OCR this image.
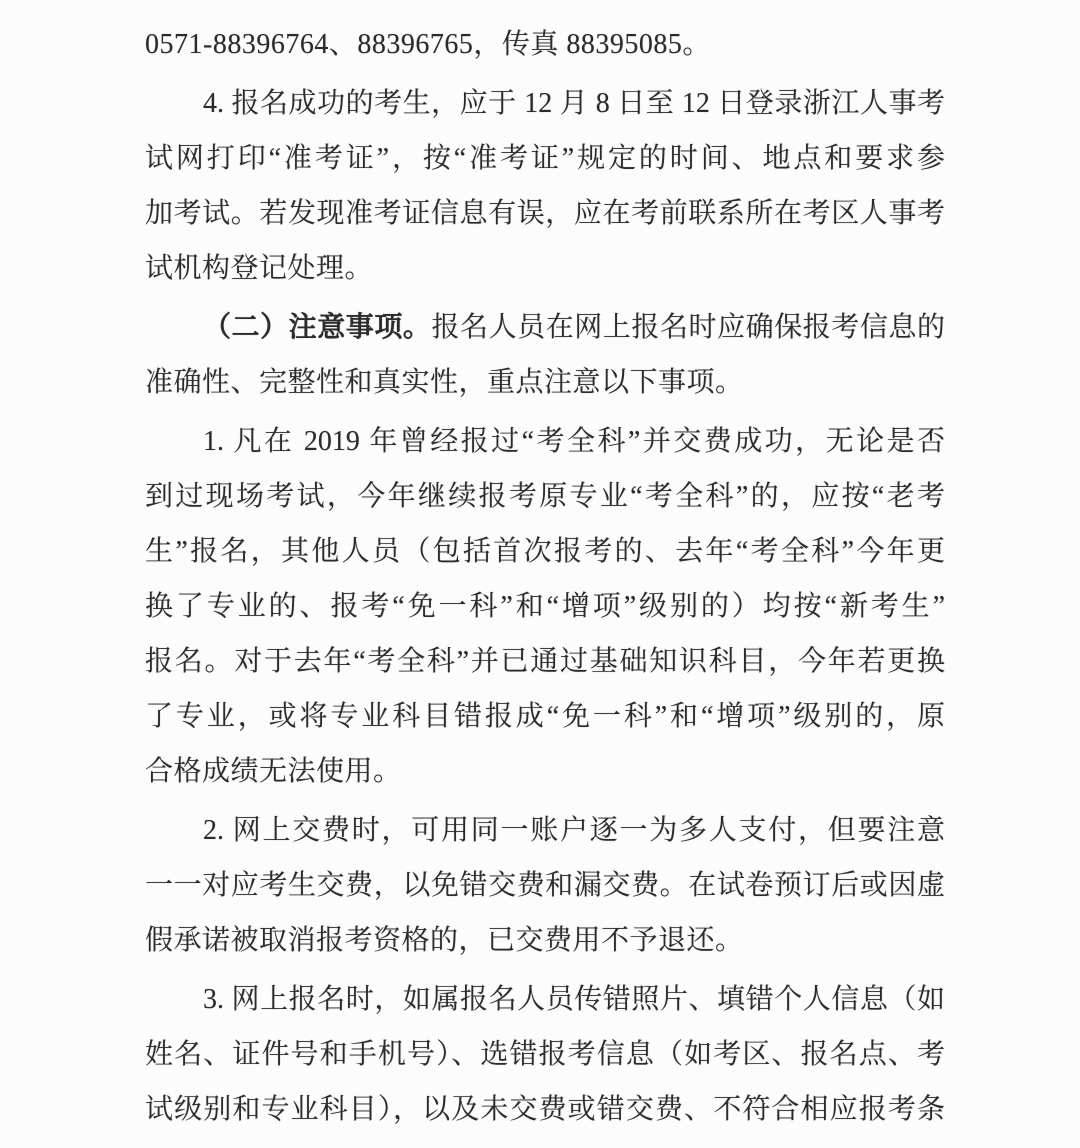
0571-88396764、88396765，传真 88395085。
4. 报名成功的考生，应于 12 月 8 日至 12 日登录浙江人事考
试网打印“准考证”，按“准考证”规定的时间、地点和要求参
加考试。若发现准考证信息有误，应在考前联系所在考区人事考
试机构登记处理。
（二）注意事项。报名人员在网上报名时应确保报考信息的
准确性、完整性和真实性，重点注意以下事项。
1. 凡在 2019 年曾经报过“考全科”并交费成功，无论是否
到过现场考试，今年继续报考原专业“考全科”的，应按“老考
生”报名，其他人员（包括首次报考的、去年“考全科”今年更
换了专业的、报考“免一科”和“增项”级别的）均按“新考生”
报名。对于去年“考全科”并已通过基础知识科目，今年若更换
了专业，或将专业科目错报成“免一科”和“增项”级别的，原
合格成绩无法使用。
2. 网上交费时，可用同一账户逐一为多人支付，但要注意
一一对应考生交费，以免错交费和漏交费。在试卷预订后或因虚
假承诺被取消报考资格的，已交费用不予退还。
3. 网上报名时，如属报名人员传错照片、填错个人信息（如
姓名、证件号和手机号）、选错报考信息（如考区、报名点、考
试级别和专业科目），以及未交费或错交费、不符合相应报考条
